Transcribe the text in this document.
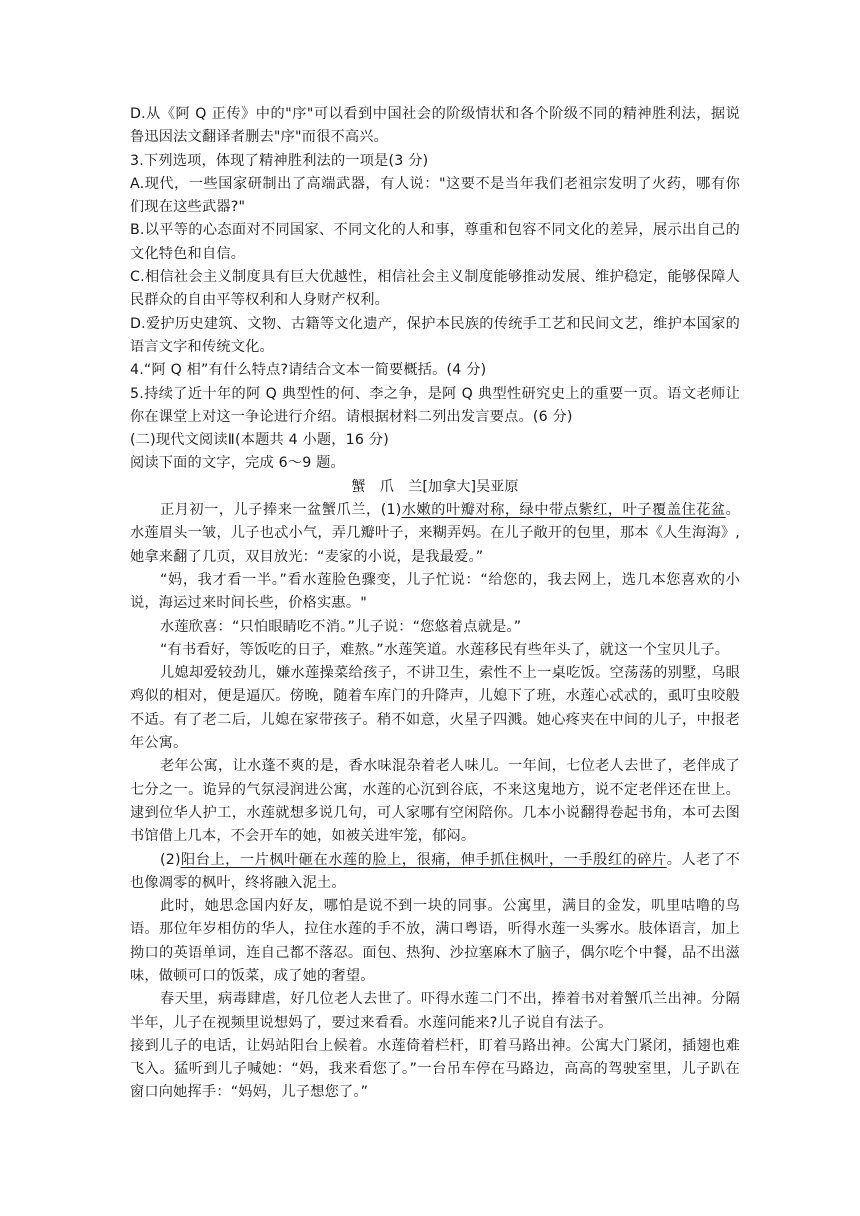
D.从《阿 Q 正传》中的"序"可以看到中国社会的阶级情状和各个阶级不同的精神胜利法，据说鲁迅因法文翻译者删去"序"而很不高兴。

3.下列选项，体现了精神胜利法的一项是(3 分)

A.现代，一些国家研制出了高端武器，有人说："这要不是当年我们老祖宗发明了火药，哪有你们现在这些武器?"

B.以平等的心态面对不同国家、不同文化的人和事，尊重和包容不同文化的差异，展示出自己的文化特色和自信。

C.相信社会主义制度具有巨大优越性，相信社会主义制度能够推动发展、维护稳定，能够保障人民群众的自由平等权利和人身财产权利。

D.爱护历史建筑、文物、古籍等文化遗产，保护本民族的传统手工艺和民间文艺，维护本国家的语言文字和传统文化。

4.“阿 Q 相”有什么特点?请结合文本一简要概括。(4 分)

5.持续了近十年的阿 Q 典型性的何、李之争，是阿 Q 典型性研究史上的重要一页。语文老师让你在课堂上对这一争论进行介绍。请根据材料二列出发言要点。(6 分)

(二)现代文阅读Ⅱ(本题共 4 小题，16 分)

阅读下面的文字，完成 6～9 题。

蟹　爪　兰[加拿大]吴亚原

正月初一，儿子捧来一盆蟹爪兰，(1)水嫩的叶瓣对称，绿中带点紫红，叶子覆盖住花盆。水莲眉头一皱，儿子也忒小气，弄几瓣叶子，来糊弄妈。在儿子敞开的包里，那本《人生海海》,她拿来翻了几页，双目放光：“麦家的小说，是我最爱。”

“妈，我才看一半。”看水莲脸色骤变，儿子忙说：“给您的，我去网上，选几本您喜欢的小说，海运过来时间长些，价格实惠。"

水莲欣喜：“只怕眼睛吃不消。”儿子说：“您悠着点就是。”

“有书看好，等饭吃的日子，难熬。”水莲笑道。水莲移民有些年头了，就这一个宝贝儿子。

儿媳却爱较劲儿，嫌水莲操菜给孩子，不讲卫生，索性不上一桌吃饭。空荡荡的别墅，乌眼鸡似的相对，便是逼仄。傍晚，随着车库门的升降声，儿媳下了班，水莲心忒忒的，虱叮虫咬般不适。有了老二后，儿媳在家带孩子。稍不如意，火星子四溅。她心疼夹在中间的儿子，中报老年公寓。

老年公寓，让水蓬不爽的是，香水味混杂着老人味儿。一年间，七位老人去世了，老伴成了七分之一。诡异的气氛浸润进公寓，水莲的心沉到谷底，不来这鬼地方，说不定老伴还在世上。逮到位华人护工，水莲就想多说几句，可人家哪有空闲陪你。几本小说翻得卷起书角，本可去图书馆借上几本，不会开车的她，如被关进牢笼，郁闷。

(2)阳台上，一片枫叶砸在水莲的脸上，很痛，伸手抓住枫叶，一手殷红的碎片。人老了不也像凋零的枫叶，终将融入泥土。

此时，她思念国内好友，哪怕是说不到一块的同事。公寓里，满目的金发，叽里咕噜的鸟语。那位年岁相仿的华人，拉住水莲的手不放，满口粤语，听得水莲一头雾水。肢体语言，加上拗口的英语单词，连自己都不落忍。面包、热狗、沙拉塞麻木了脑子，偶尔吃个中餐，品不出滋味，做顿可口的饭菜，成了她的奢望。

春天里，病毒肆虐，好几位老人去世了。吓得水莲二门不出，捧着书对着蟹爪兰出神。分隔半年，儿子在视频里说想妈了，要过来看看。水莲问能来?儿子说自有法子。

接到儿子的电话，让妈站阳台上候着。水莲倚着栏杆，盯着马路出神。公寓大门紧闭，插翅也难飞入。猛听到儿子喊她：“妈，我来看您了。”一台吊车停在马路边，高高的驾驶室里，儿子趴在窗口向她挥手：“妈妈，儿子想您了。”
